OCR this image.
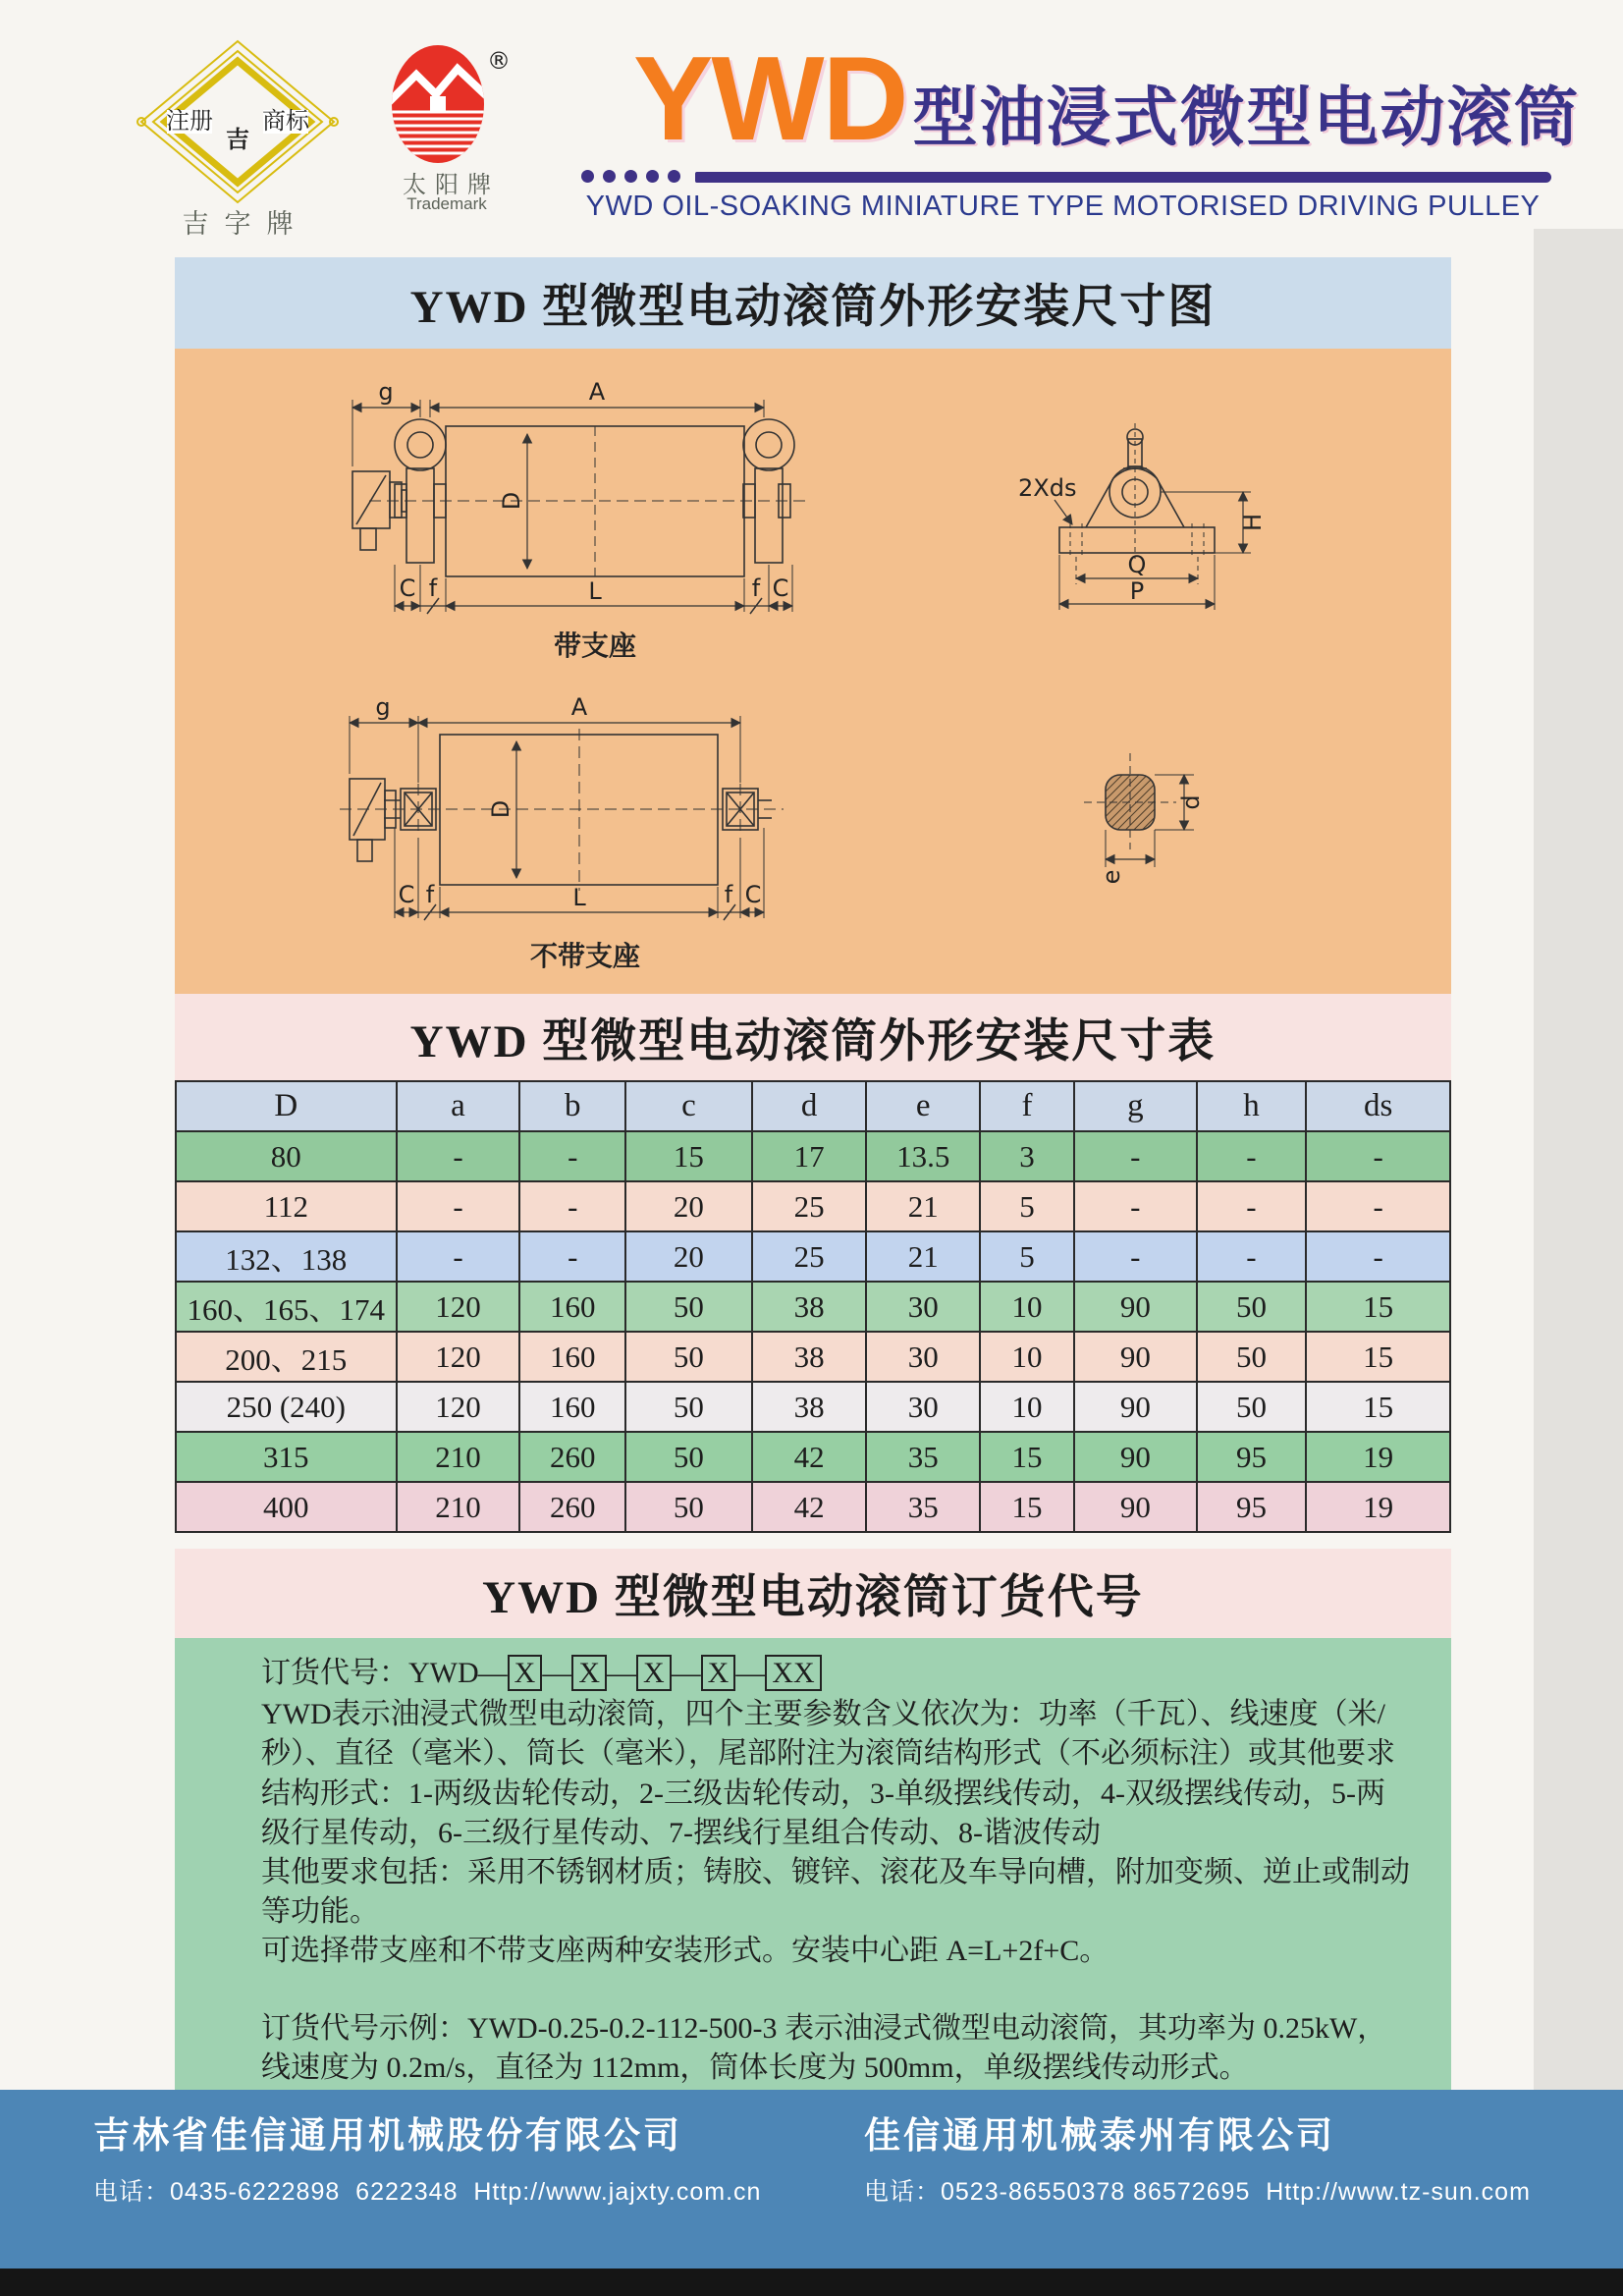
注册 商标
吉
吉字牌
®
太阳牌
Trademark
YWD 型油浸式微型电动滚筒
YWD OIL-SOAKING MINIATURE TYPE MOTORISED DRIVING PULLEY
YWD 型微型电动滚筒外形安装尺寸图
g	A
D
C f	L	f C
带支座
2Xds
H
Q
P
g	A
D
C f	L	f C
不带支座
d
e
YWD 型微型电动滚筒外形安装尺寸表
D	a	b	c	d	e	f	g	h	ds
80	-	-	15	17	13.5	3	-	-	-
112	-	-	20	25	21	5	-	-	-
132、138	-	-	20	25	21	5	-	-	-
160、165、174	120	160	50	38	30	10	90	50	15
200、215	120	160	50	38	30	10	90	50	15
250 (240)	120	160	50	38	30	10	90	50	15
315	210	260	50	42	35	15	90	95	19
400	210	260	50	42	35	15	90	95	19
YWD 型微型电动滚筒订货代号
订货代号：YWD— X — X — X — X — XX

YWD表示油浸式微型电动滚筒，四个主要参数含义依次为：功率（千瓦）、线速度（米/秒）、直径（毫米）、筒长（毫米），尾部附注为滚筒结构形式（不必须标注）或其他要求

结构形式：1-两级齿轮传动，2-三级齿轮传动，3-单级摆线传动，4-双级摆线传动，5-两级行星传动，6-三级行星传动、7-摆线行星组合传动、8-谐波传动

其他要求包括：采用不锈钢材质；铸胶、镀锌、滚花及车导向槽，附加变频、逆止或制动等功能。

可选择带支座和不带支座两种安装形式。安装中心距 A=L+2f+C。

订货代号示例：YWD-0.25-0.2-112-500-3 表示油浸式微型电动滚筒，其功率为 0.25kW，线速度为 0.2m/s，直径为 112mm，筒体长度为 500mm，单级摆线传动形式。

吉林省佳信通用机械股份有限公司
电话：0435-6222898  6222348  Http://www.jajxty.com.cn
佳信通用机械泰州有限公司
电话：0523-86550378 86572695  Http://www.tz-sun.com
